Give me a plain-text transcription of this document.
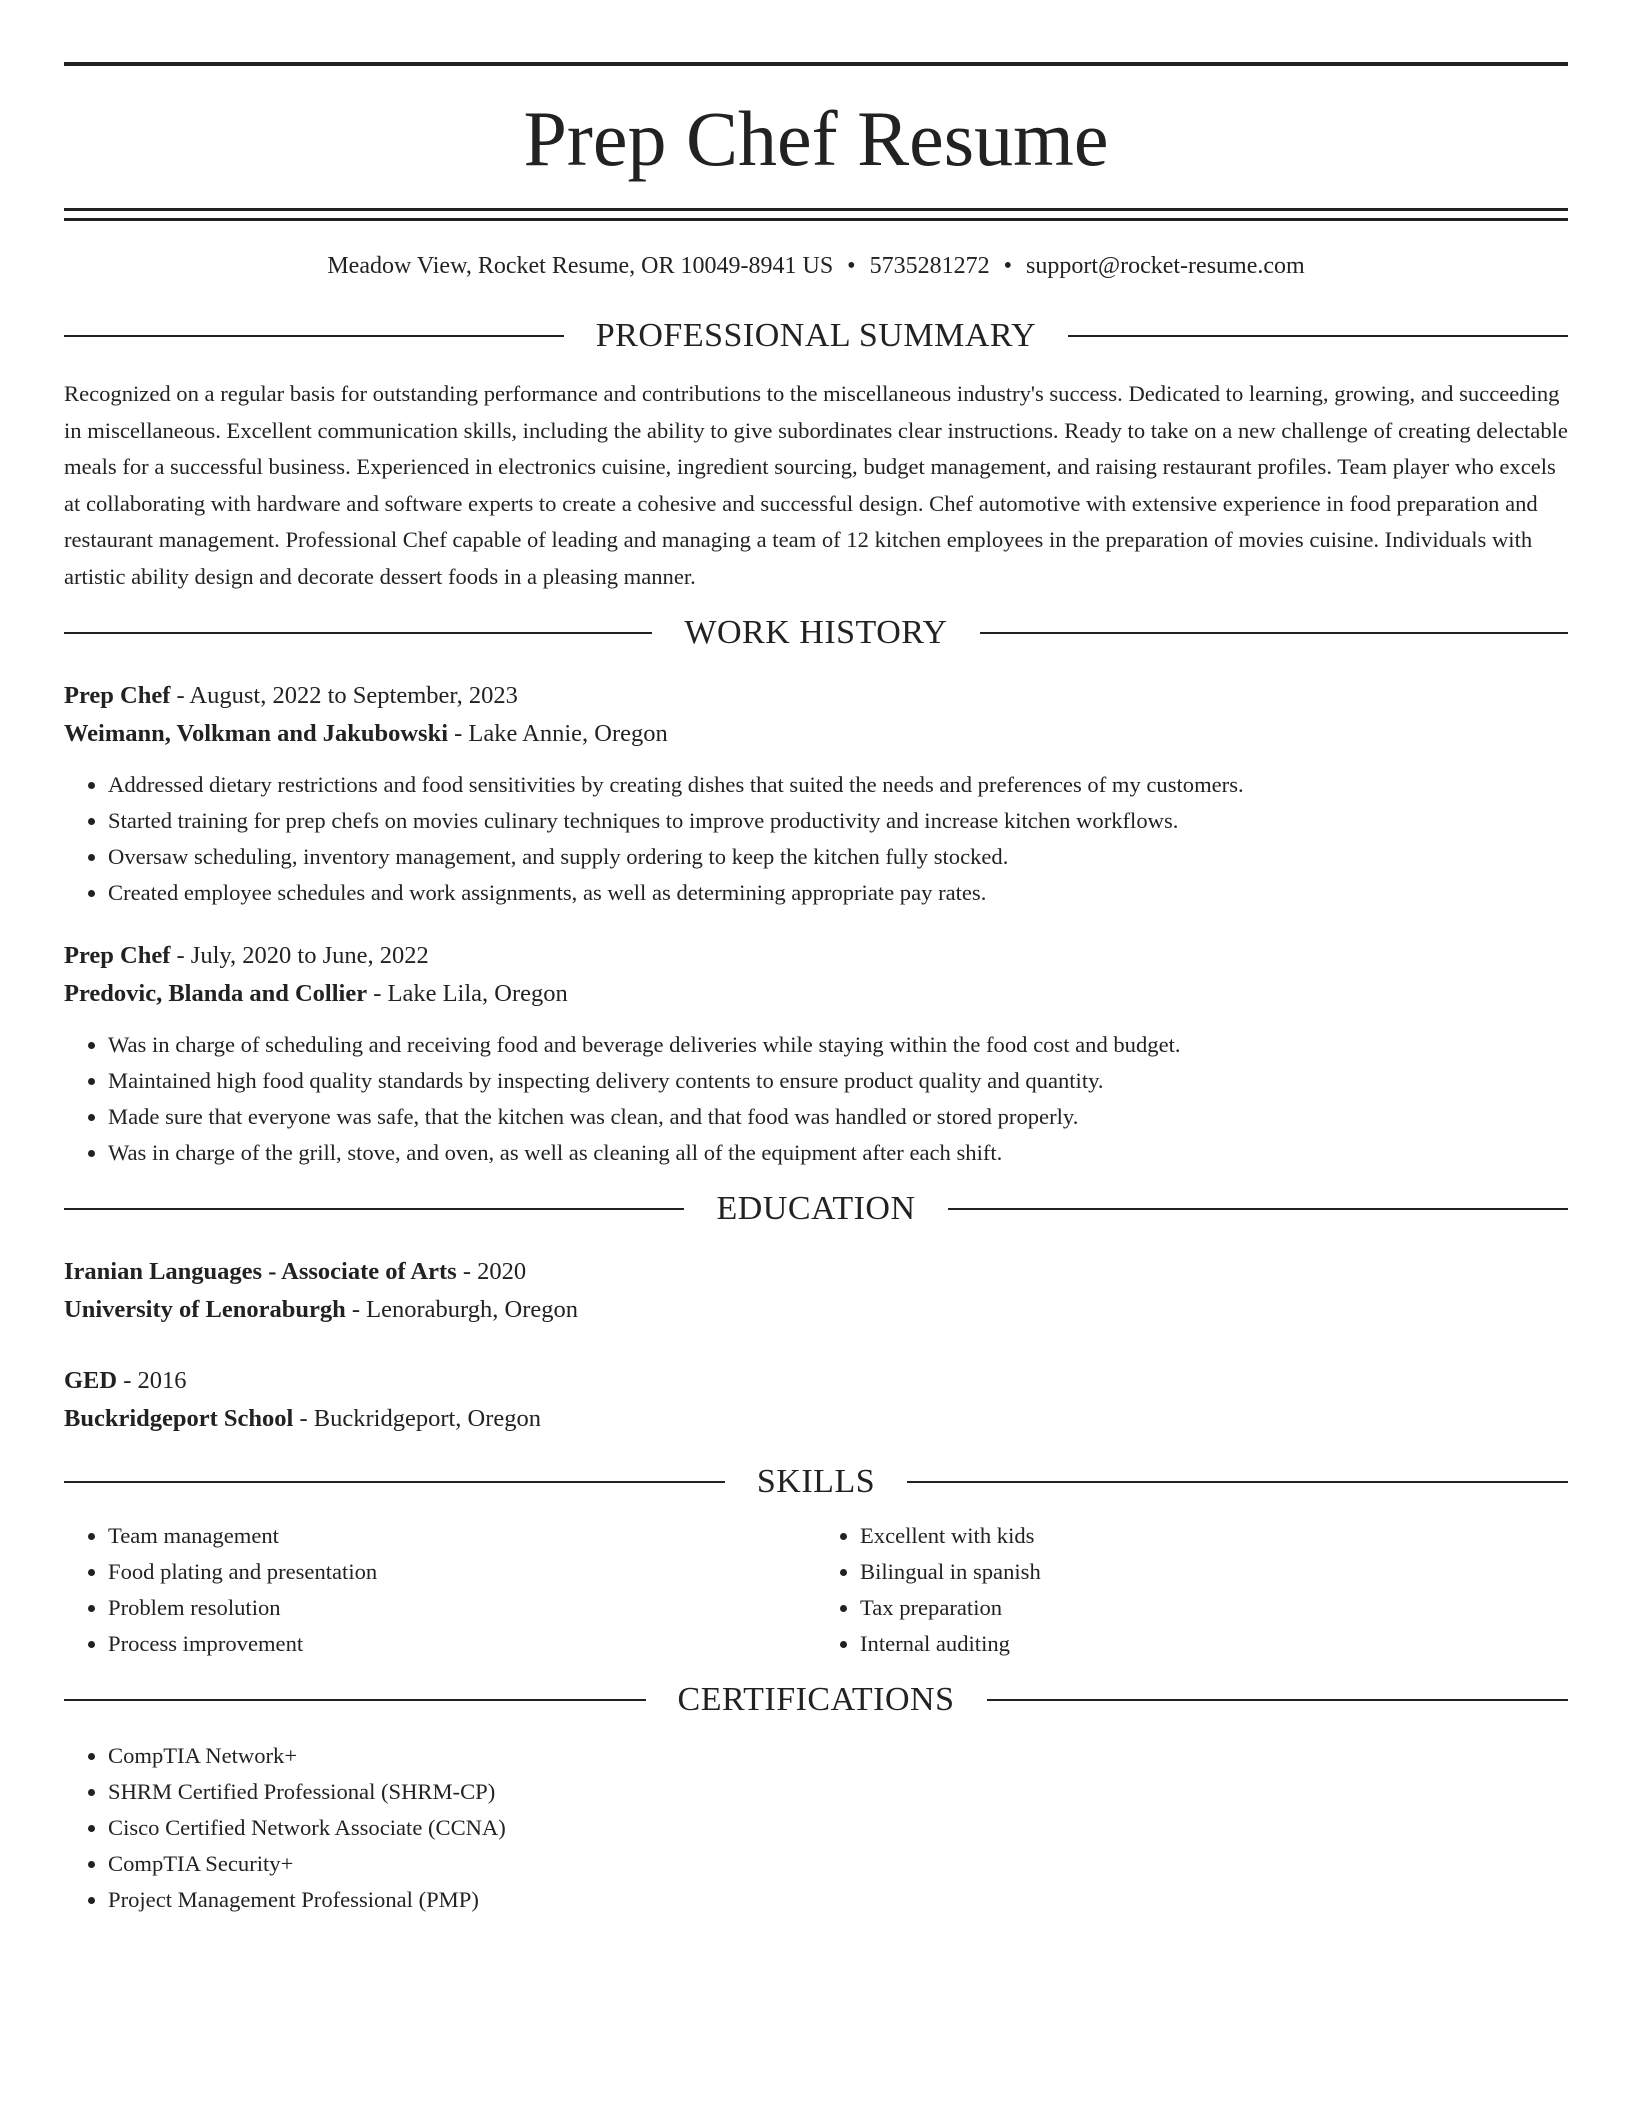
Prep Chef Resume
Meadow View, Rocket Resume, OR 10049-8941 US • 5735281272 • support@rocket-resume.com
PROFESSIONAL SUMMARY

Recognized on a regular basis for outstanding performance and contributions to the miscellaneous industry's success. Dedicated to learning, growing, and succeeding in miscellaneous. Excellent communication skills, including the ability to give subordinates clear instructions. Ready to take on a new challenge of creating delectable meals for a successful business. Experienced in electronics cuisine, ingredient sourcing, budget management, and raising restaurant profiles. Team player who excels at collaborating with hardware and software experts to create a cohesive and successful design. Chef automotive with extensive experience in food preparation and restaurant management. Professional Chef capable of leading and managing a team of 12 kitchen employees in the preparation of movies cuisine. Individuals with artistic ability design and decorate dessert foods in a pleasing manner.

WORK HISTORY
Prep Chef - August, 2022 to September, 2023
Weimann, Volkman and Jakubowski - Lake Annie, Oregon
• Addressed dietary restrictions and food sensitivities by creating dishes that suited the needs and preferences of my customers.
• Started training for prep chefs on movies culinary techniques to improve productivity and increase kitchen workflows.
• Oversaw scheduling, inventory management, and supply ordering to keep the kitchen fully stocked.
• Created employee schedules and work assignments, as well as determining appropriate pay rates.
Prep Chef - July, 2020 to June, 2022
Predovic, Blanda and Collier - Lake Lila, Oregon
• Was in charge of scheduling and receiving food and beverage deliveries while staying within the food cost and budget.
• Maintained high food quality standards by inspecting delivery contents to ensure product quality and quantity.
• Made sure that everyone was safe, that the kitchen was clean, and that food was handled or stored properly.
• Was in charge of the grill, stove, and oven, as well as cleaning all of the equipment after each shift.
EDUCATION
Iranian Languages - Associate of Arts - 2020
University of Lenoraburgh - Lenoraburgh, Oregon
GED - 2016
Buckridgeport School - Buckridgeport, Oregon
SKILLS
• Team management
• Food plating and presentation
• Problem resolution
• Process improvement
• Excellent with kids
• Bilingual in spanish
• Tax preparation
• Internal auditing
CERTIFICATIONS
• CompTIA Network+
• SHRM Certified Professional (SHRM-CP)
• Cisco Certified Network Associate (CCNA)
• CompTIA Security+
• Project Management Professional (PMP)
